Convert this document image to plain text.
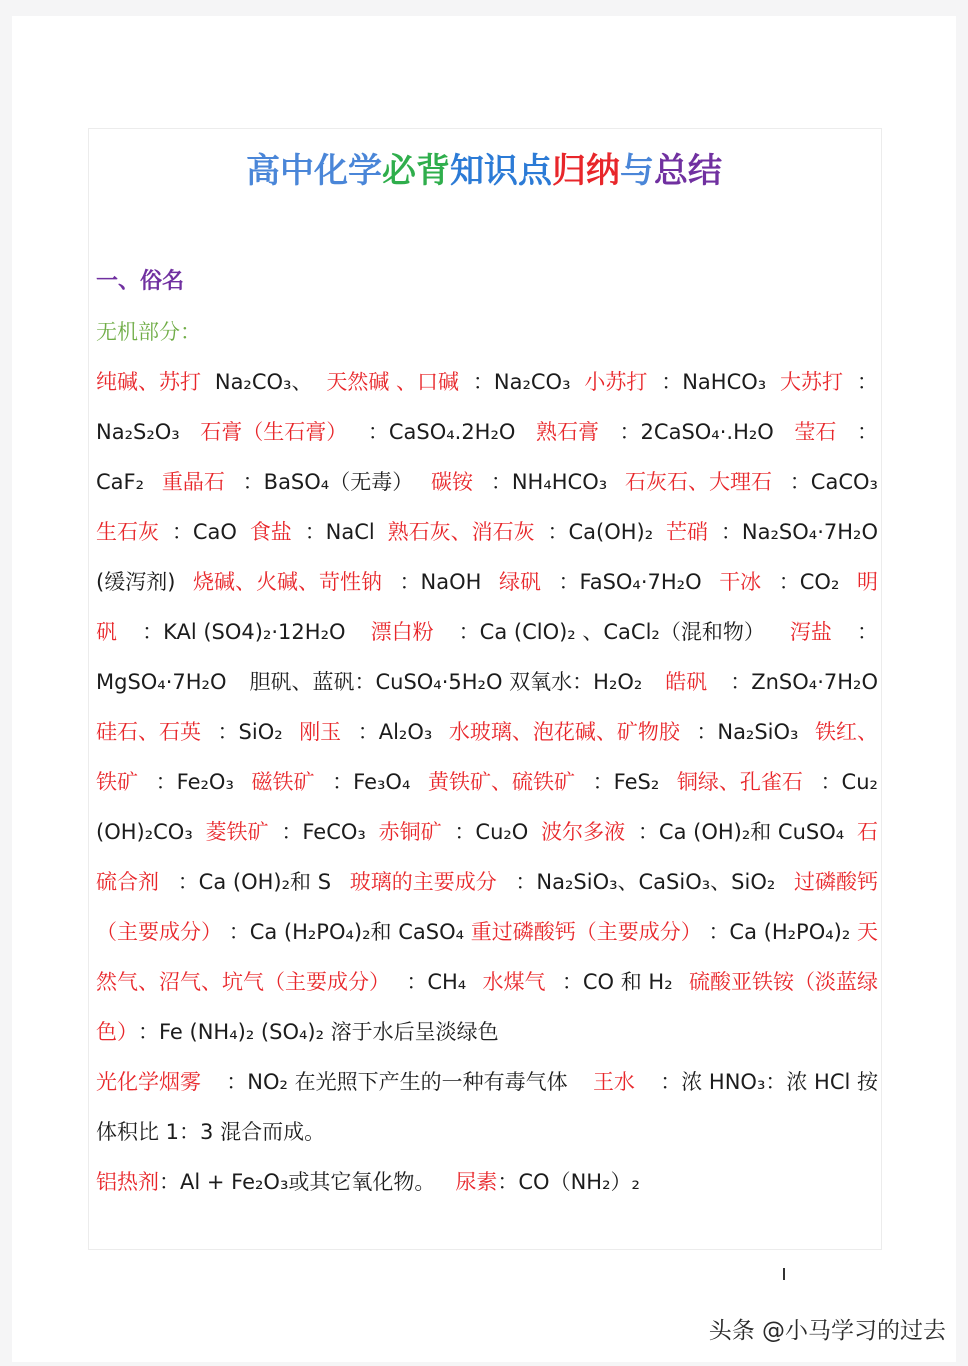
高中化学必背知识点归纳与总结
一、俗名
无机部分：
纯碱、苏打 Na₂CO₃、 天然碱 、口碱 ：Na₂CO₃ 小苏打 ：NaHCO₃ 大苏打 ：
Na₂S₂O₃ 石膏（生石膏） ：CaSO₄.2H₂O 熟石膏 ：2CaSO₄·.H₂O 莹石 ：
CaF₂ 重晶石 ：BaSO₄（无毒） 碳铵 ：NH₄HCO₃ 石灰石、大理石 ：CaCO₃
生石灰 ：CaO 食盐 ：NaCl 熟石灰、消石灰 ：Ca(OH)₂ 芒硝 ：Na₂SO₄·7H₂O
(缓泻剂) 烧碱、火碱、苛性钠 ：NaOH 绿矾 ：FaSO₄·7H₂O 干冰 ：CO₂ 明
矾 ：KAl (SO4)₂·12H₂O 漂白粉 ：Ca (ClO)₂ 、CaCl₂（混和物） 泻盐 ：
MgSO₄·7H₂O 胆矾、蓝矾：CuSO₄·5H₂O 双氧水：H₂O₂ 皓矾 ：ZnSO₄·7H₂O
硅石、石英 ：SiO₂ 刚玉 ：Al₂O₃ 水玻璃、泡花碱、矿物胶 ：Na₂SiO₃ 铁红、
铁矿 ：Fe₂O₃ 磁铁矿 ：Fe₃O₄ 黄铁矿、硫铁矿 ：FeS₂ 铜绿、孔雀石 ：Cu₂
(OH)₂CO₃ 菱铁矿 ：FeCO₃ 赤铜矿 ：Cu₂O 波尔多液 ：Ca (OH)₂和 CuSO₄ 石
硫合剂 ：Ca (OH)₂和 S 玻璃的主要成分 ：Na₂SiO₃、CaSiO₃、SiO₂ 过磷酸钙
（主要成分） ：Ca (H₂PO₄)₂和 CaSO₄ 重过磷酸钙（主要成分） ：Ca (H₂PO₄)₂ 天
然气、沼气、坑气（主要成分） ：CH₄ 水煤气 ：CO 和 H₂ 硫酸亚铁铵（淡蓝绿
色） ：Fe (NH₄)₂ (SO₄)₂ 溶于水后呈淡绿色
光化学烟雾 ：NO₂ 在光照下产生的一种有毒气体 王水 ：浓 HNO₃：浓 HCl 按
体积比 1：3 混合而成。
铝热剂 ：Al + Fe₂O₃或其它氧化物。 尿素 ：CO（NH₂）₂
头条 @小马学习的过去
